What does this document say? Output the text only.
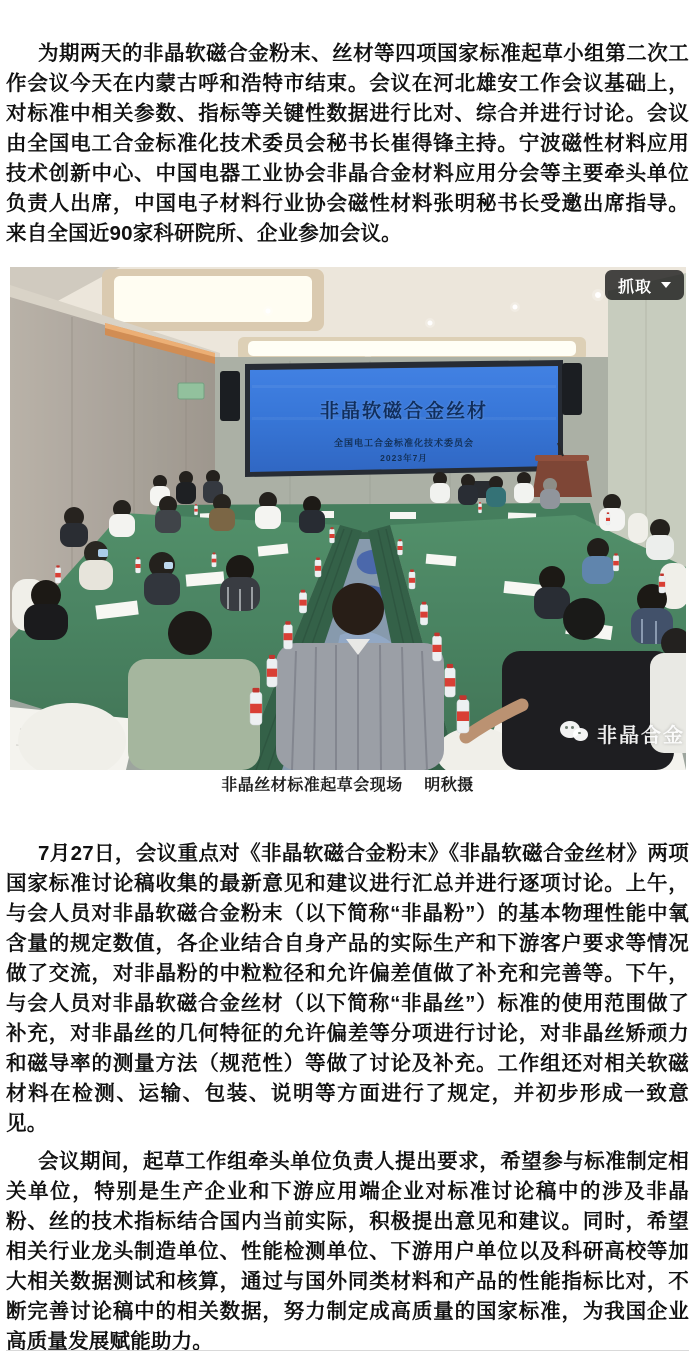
为期两天的非晶软磁合金粉末、丝材等四项国家标准起草小组第二次工作会议今天在内蒙古呼和浩特市结束。会议在河北雄安工作会议基础上，对标准中相关参数、指标等关键性数据进行比对、综合并进行讨论。会议由全国电工合金标准化技术委员会秘书长崔得锋主持。宁波磁性材料应用技术创新中心、中国电器工业协会非晶合金材料应用分会等主要牵头单位负责人出席，中国电子材料行业协会磁性材料张明秘书长受邀出席指导。来自全国近90家科研院所、企业参加会议。

非晶软磁合金丝材
全国电工合金标准化技术委员会
2023年7月
抓取
非晶合金
非晶丝材标准起草会现场　 明秋摄

7月27日，会议重点对《非晶软磁合金粉末》《非晶软磁合金丝材》两项国家标准讨论稿收集的最新意见和建议进行汇总并进行逐项讨论。上午，与会人员对非晶软磁合金粉末（以下简称“非晶粉”）的基本物理性能中氧含量的规定数值，各企业结合自身产品的实际生产和下游客户要求等情况做了交流，对非晶粉的中粒粒径和允许偏差值做了补充和完善等。下午，与会人员对非晶软磁合金丝材（以下简称“非晶丝”）标准的使用范围做了补充，对非晶丝的几何特征的允许偏差等分项进行讨论，对非晶丝矫顽力和磁导率的测量方法（规范性）等做了讨论及补充。工作组还对相关软磁材料在检测、运输、包装、说明等方面进行了规定，并初步形成一致意见。

会议期间，起草工作组牵头单位负责人提出要求，希望参与标准制定相关单位，特别是生产企业和下游应用端企业对标准讨论稿中的涉及非晶粉、丝的技术指标结合国内当前实际，积极提出意见和建议。同时，希望相关行业龙头制造单位、性能检测单位、下游用户单位以及科研高校等加大相关数据测试和核算，通过与国外同类材料和产品的性能指标比对，不断完善讨论稿中的相关数据，努力制定成高质量的国家标准，为我国企业高质量发展赋能助力。
